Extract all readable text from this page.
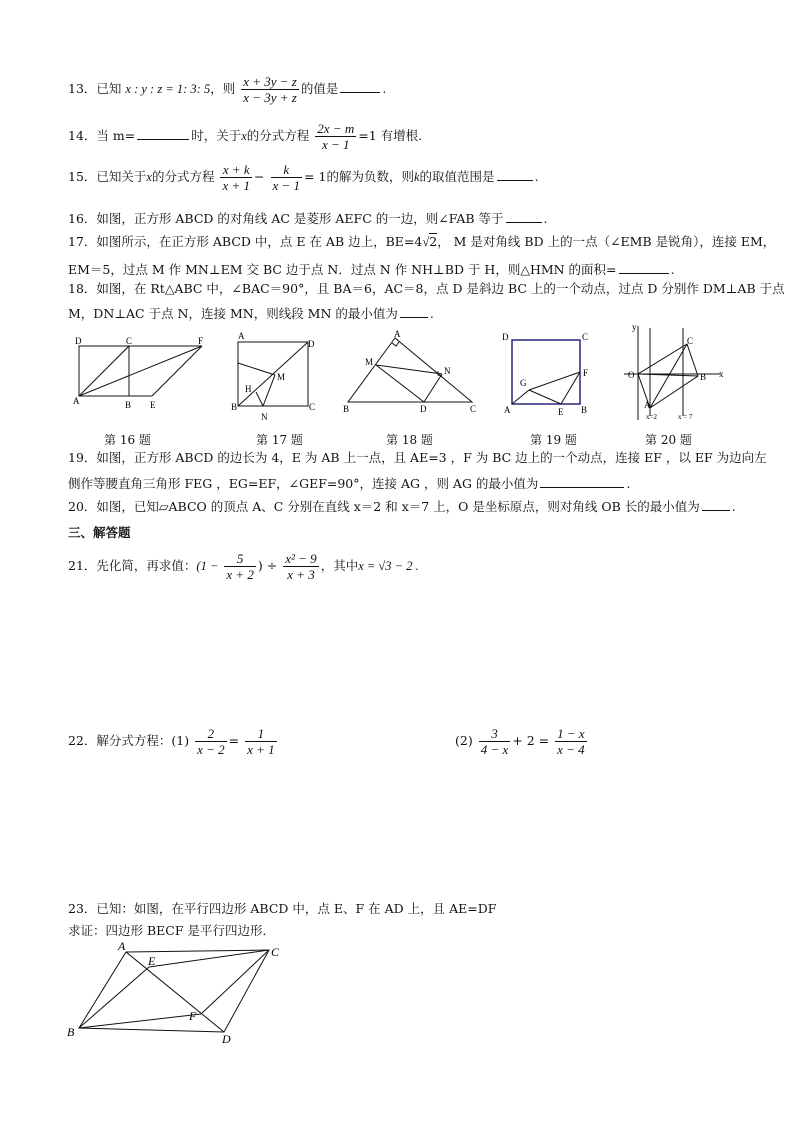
13．已知 x : y : z = 1: 3: 5，则 $\frac{x + 3y - z}{x - 3y + z}$ 的值是	.
14．当 m=	时，关于x的分式方程 $\frac{2x - m}{x - 1} =1$ 有增根.
15．已知关于x的分式方程 $\frac{x + k}{x + 1} - \frac{k}{x - 1} = 1$的解为负数，则k的取值范围是	.
16．如图，正方形 ABCD 的对角线 AC 是菱形 AEFC 的一边，则∠FAB 等于	.
17．如图所示，在正方形 ABCD 中，点 E 在 AB 边上，BE=4√2， M 是对角线 BD 上的一点（∠EMB 是锐角），连接 EM，
EM＝5，过点 M 作 MN⊥EM 交 BC 边于点 N．过点 N 作 NH⊥BD 于 H，则△HMN 的面积=	.
18．如图，在 Rt△ABC 中，∠BAC＝90°，且 BA＝6，AC＝8，点 D 是斜边 BC 上的一个动点，过点 D 分别作 DM⊥AB 于点
M，DN⊥AC 于点 N，连接 MN，则线段 MN 的最小值为	.
D	C	F
A	B E
A
D
M
H
B
N
C
A
M
N
B	D	C
D	C
G
F
A	E B
y
C
O	x
B
A
x=2	x = 7
第 16 题	第 17 题	第 18 题	第 19 题	第 20 题
19．如图，正方形 ABCD 的边长为 4，E 为 AB 上一点，且 AE=3 ，F 为 BC 边上的一个动点，连接 EF ，以 EF 为边向左
侧作等腰直角三角形 FEG ，EG=EF，∠GEF=90°，连接 AG ，则 AG 的最小值为	.
20．如图，已知▱ABCO 的顶点 A、C 分别在直线 x＝2 和 x＝7 上，O 是坐标原点，则对角线 OB 长的最小值为	.
三、解答题
21．先化简，再求值：($1 - \frac{5}{x + 2}$ ) ÷ $\frac{\text{x² − 9}}{x + 3}$ ，其中x = √3 − 2 .
22．解分式方程：$(1) \frac{2}{x - 2} = \frac{1}{x + 1}$	$(2) \frac{3}{4 - x} + 2 = \frac{1 - x}{x - 4}$
23．已知：如图，在平行四边形 ABCD 中，点 E、F 在 AD 上，且 AE=DF
求证：四边形 BECF 是平行四边形．
A
E
C
F
B	D
